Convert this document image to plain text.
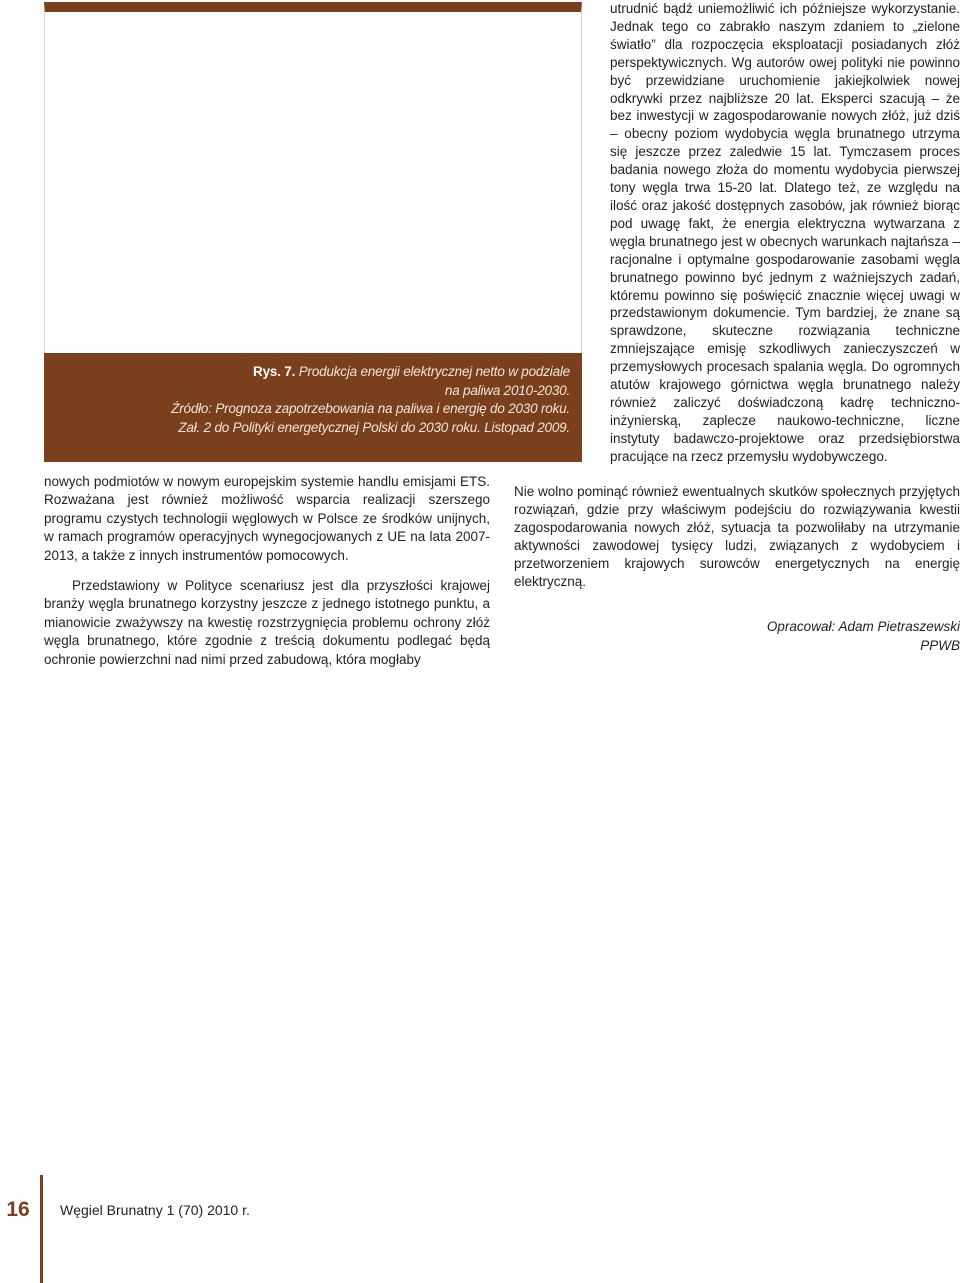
Rys. 7. Produkcja energii elektrycznej netto w podziale
na paliwa 2010-2030.
Źródło: Prognoza zapotrzebowania na paliwa i energię do 2030 roku.
Zał. 2 do Polityki energetycznej Polski do 2030 roku. Listopad 2009.

utrudnić bądź uniemożliwić ich późniejsze wykorzystanie. Jednak tego co zabrakło naszym zdaniem to „zielone światło” dla rozpoczęcia eksploatacji posiadanych złóż perspektywicznych. Wg autorów owej polityki nie powinno być przewidziane uruchomienie jakiejkolwiek nowej odkrywki przez najbliższe 20 lat. Eksperci szacują – że bez inwestycji w zagospodarowanie nowych złóż, już dziś – obecny poziom wydobycia węgla brunatnego utrzyma się jeszcze przez zaledwie 15 lat. Tymczasem proces badania nowego złoża do momentu wydobycia pierwszej tony węgla trwa 15-20 lat. Dlatego też, ze względu na ilość oraz jakość dostępnych zasobów, jak również biorąc pod uwagę fakt, że energia elektryczna wytwarzana z węgla brunatnego jest w obecnych warunkach najtańsza – racjonalne i optymalne gospodarowanie zasobami węgla brunatnego powinno być jednym z ważniejszych zadań, któremu powinno się poświęcić znacznie więcej uwagi w przedstawionym dokumencie. Tym bardziej, że znane są sprawdzone, skuteczne rozwiązania techniczne zmniejszające emisję szkodliwych zanieczyszczeń w przemysłowych procesach spalania węgla. Do ogromnych atutów krajowego górnictwa węgla brunatnego należy również zaliczyć doświadczoną kadrę techniczno-inżynierską, zaplecze naukowo-techniczne, liczne instytuty badawczo-projektowe oraz przedsiębiorstwa pracujące na rzecz przemysłu wydobywczego.

Nie wolno pominąć również ewentualnych skutków społecznych przyjętych rozwiązań, gdzie przy właściwym podejściu do rozwiązywania kwestii zagospodarowania nowych złóż, sytuacja ta pozwoliłaby na utrzymanie aktywności zawodowej tysięcy ludzi, związanych z wydobyciem i przetworzeniem krajowych surowców energetycznych na energię elektryczną.

Opracował: Adam Pietraszewski
PPWB

nowych podmiotów w nowym europejskim systemie handlu emisjami ETS. Rozważana jest również możliwość wsparcia realizacji szerszego programu czystych technologii węglowych w Polsce ze środków unijnych, w ramach programów operacyjnych wynegocjowanych z UE na lata 2007-2013, a także z innych instrumentów pomocowych.

Przedstawiony w Polityce scenariusz jest dla przyszłości krajowej branży węgla brunatnego korzystny jeszcze z jednego istotnego punktu, a mianowicie zważywszy na kwestię rozstrzygnięcia problemu ochrony złóż węgla brunatnego, które zgodnie z treścią dokumentu podlegać będą ochronie powierzchni nad nimi przed zabudową, która mogłaby

16 Węgiel Brunatny 1 (70) 2010 r.
